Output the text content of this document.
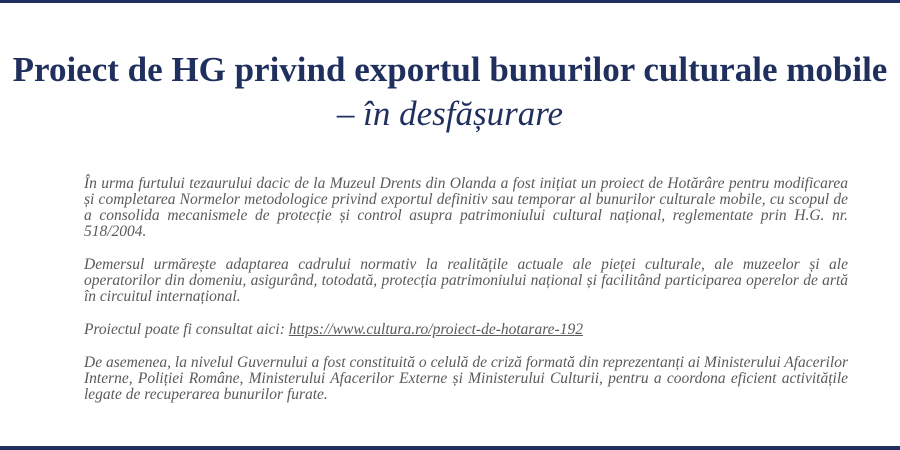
Proiect de HG privind exportul bunurilor culturale mobile – în desfășurare

În urma furtului tezaurului dacic de la Muzeul Drents din Olanda a fost inițiat un proiect de Hotărâre pentru modificarea și completarea Normelor metodologice privind exportul definitiv sau temporar al bunurilor culturale mobile, cu scopul de a consolida mecanismele de protecție și control asupra patrimoniului cultural național, reglementate prin H.G. nr. 518/2004.

Demersul urmărește adaptarea cadrului normativ la realitățile actuale ale pieței culturale, ale muzeelor și ale operatorilor din domeniu, asigurând, totodată, protecția patrimoniului național și facilitând participarea operelor de artă în circuitul internațional.

Proiectul poate fi consultat aici: https://www.cultura.ro/proiect-de-hotarare-192

De asemenea, la nivelul Guvernului a fost constituită o celulă de criză formată din reprezentanți ai Ministerului Afacerilor Interne, Poliției Române, Ministerului Afacerilor Externe și Ministerului Culturii, pentru a coordona eficient activitățile legate de recuperarea bunurilor furate.
